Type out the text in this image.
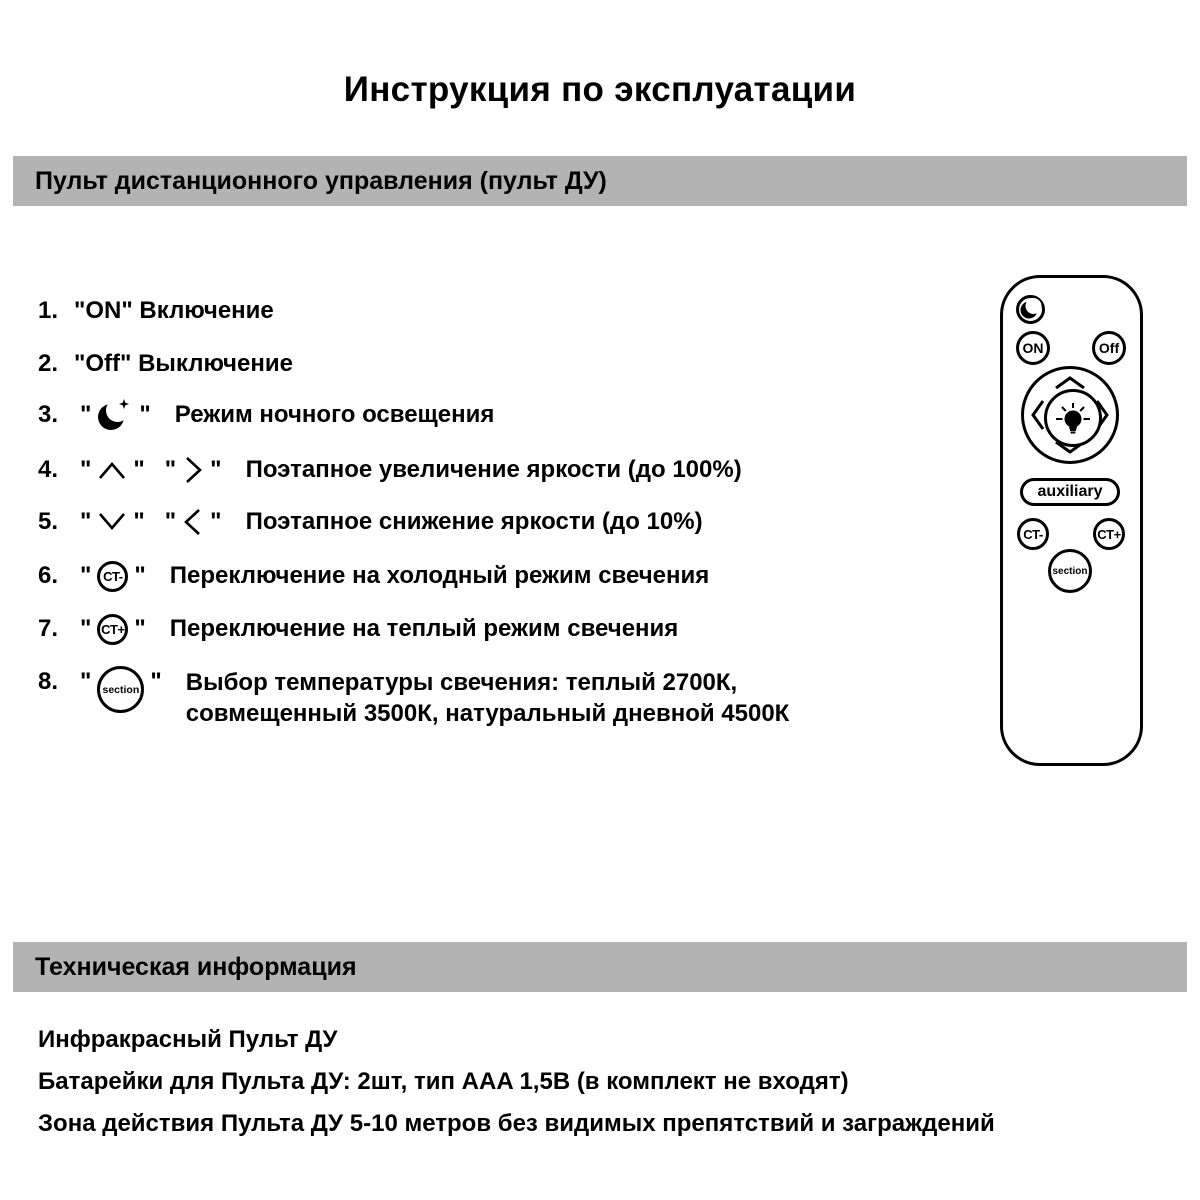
Инструкция по эксплуатации
Пульт дистанционного управления (пульт ДУ)
1. "ON" Включение
2. "Off" Выключение
3. " " Режим ночного освещения
4. " " " " Поэтапное увеличение яркости (до 100%)
5. " " " " Поэтапное снижение яркости (до 10%)
6. " CT- " Переключение на холодный режим свечения
7. " CT+ " Переключение на теплый режим свечения
8. "	section " Выбор температуры свечения: теплый 2700К,
совмещенный 3500К, натуральный дневной 4500К
ON	Off
auxiliary
CT-	CT+
section
Техническая информация
Инфракрасный Пульт ДУ
Батарейки для Пульта ДУ: 2шт, тип AAA 1,5В (в комплект не входят)
Зона действия Пульта ДУ 5-10 метров без видимых препятствий и заграждений
